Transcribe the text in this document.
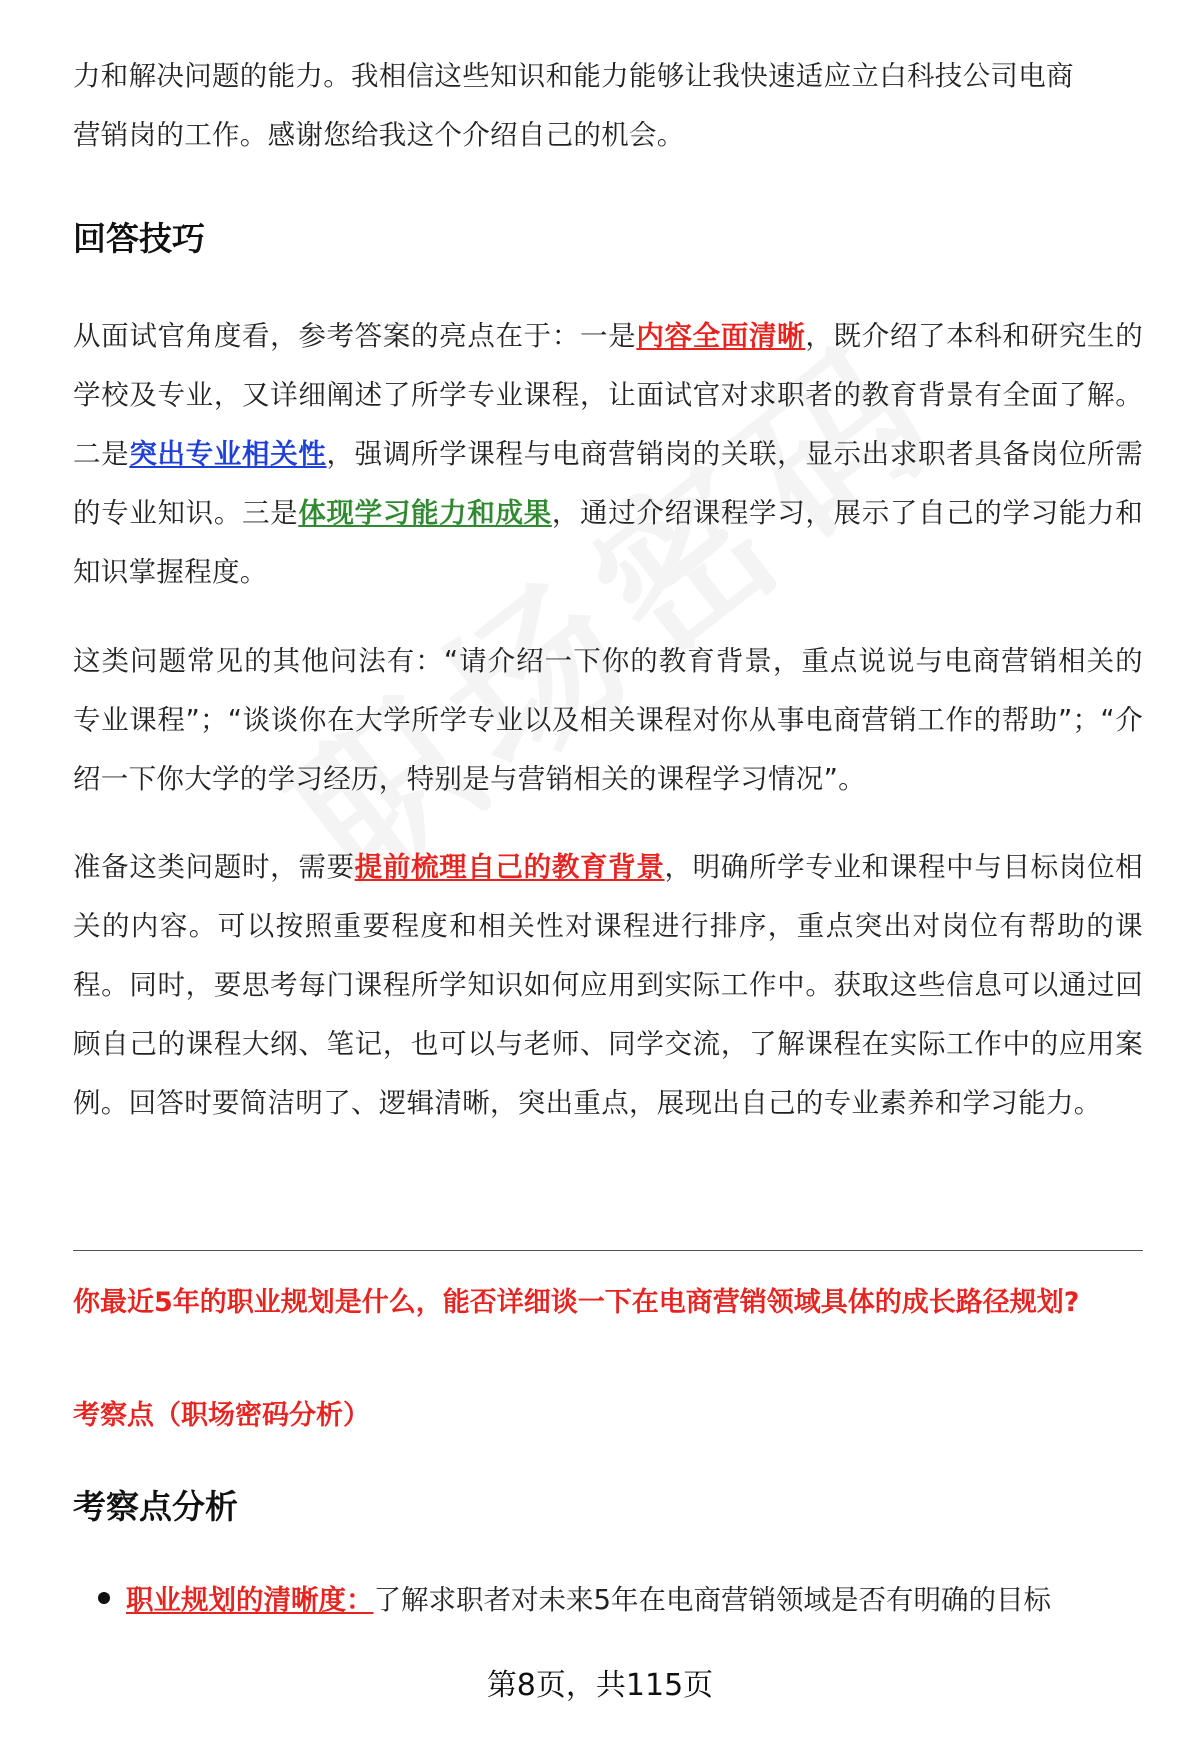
力和解决问题的能力。我相信这些知识和能力能够让我快速适应立白科技公司电商

营销岗的工作。感谢您给我这个介绍自己的机会。

回答技巧

从面试官角度看，参考答案的亮点在于：一是内容全面清晰，既介绍了本科和研究生的学校及专业，又详细阐述了所学专业课程，让面试官对求职者的教育背景有全面了解。二是突出专业相关性，强调所学课程与电商营销岗的关联，显示出求职者具备岗位所需的专业知识。三是体现学习能力和成果，通过介绍课程学习，展示了自己的学习能力和知识掌握程度。

这类问题常见的其他问法有：“请介绍一下你的教育背景，重点说说与电商营销相关的专业课程”；“谈谈你在大学所学专业以及相关课程对你从事电商营销工作的帮助”；“介绍一下你大学的学习经历，特别是与营销相关的课程学习情况”。

准备这类问题时，需要提前梳理自己的教育背景，明确所学专业和课程中与目标岗位相关的内容。可以按照重要程度和相关性对课程进行排序，重点突出对岗位有帮助的课程。同时，要思考每门课程所学知识如何应用到实际工作中。获取这些信息可以通过回顾自己的课程大纲、笔记，也可以与老师、同学交流，了解课程在实际工作中的应用案例。回答时要简洁明了、逻辑清晰，突出重点，展现出自己的专业素养和学习能力。

你最近5年的职业规划是什么，能否详细谈一下在电商营销领域具体的成长路径规划?
考察点（职场密码分析）
考察点分析
职业规划的清晰度：了解求职者对未来5年在电商营销领域是否有明确的目标
第8页，共115页
